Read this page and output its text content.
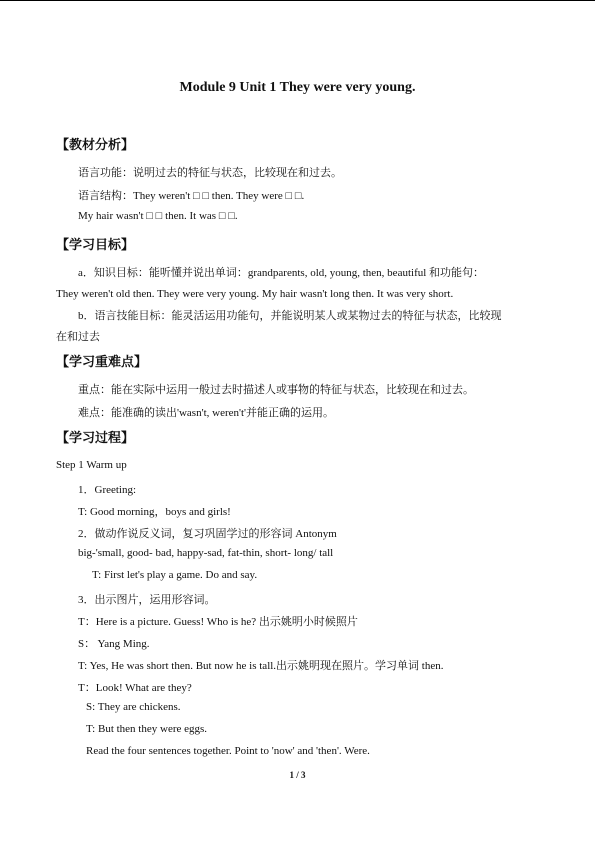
Module 9 Unit 1 They were very young.
【教材分析】
语言功能：说明过去的特征与状态，比较现在和过去。
语言结构：They weren't □ □ then. They were □ □.
My hair wasn't □ □ then. It was □ □.
【学习目标】
a．知识目标：能听懂并说出单词：grandparents, old, young, then, beautiful 和功能句：
They weren't old then. They were very young. My hair wasn't long then. It was very short.
b．语言技能目标：能灵活运用功能句，并能说明某人或某物过去的特征与状态，比较现
在和过去
【学习重难点】
重点：能在实际中运用一般过去时描述人或事物的特征与状态，比较现在和过去。
难点：能准确的读出'wasn't, weren't'并能正确的运用。
【学习过程】
Step 1 Warm up
1．Greeting:
T: Good morning，boys and girls!
2．做动作说反义词，复习巩固学过的形容词 Antonym
big-'small, good- bad, happy-sad, fat-thin, short- long/ tall
T: First let's play a game. Do and say.
3．出示图片，运用形容词。
T：Here is a picture. Guess! Who is he? 出示姚明小时候照片
S： Yang Ming.
T: Yes, He was short then. But now he is tall.出示姚明现在照片。学习单词 then.
T：Look! What are they?
S: They are chickens.
T: But then they were eggs.
Read the four sentences together. Point to 'now' and 'then'. Were.
1 / 3
